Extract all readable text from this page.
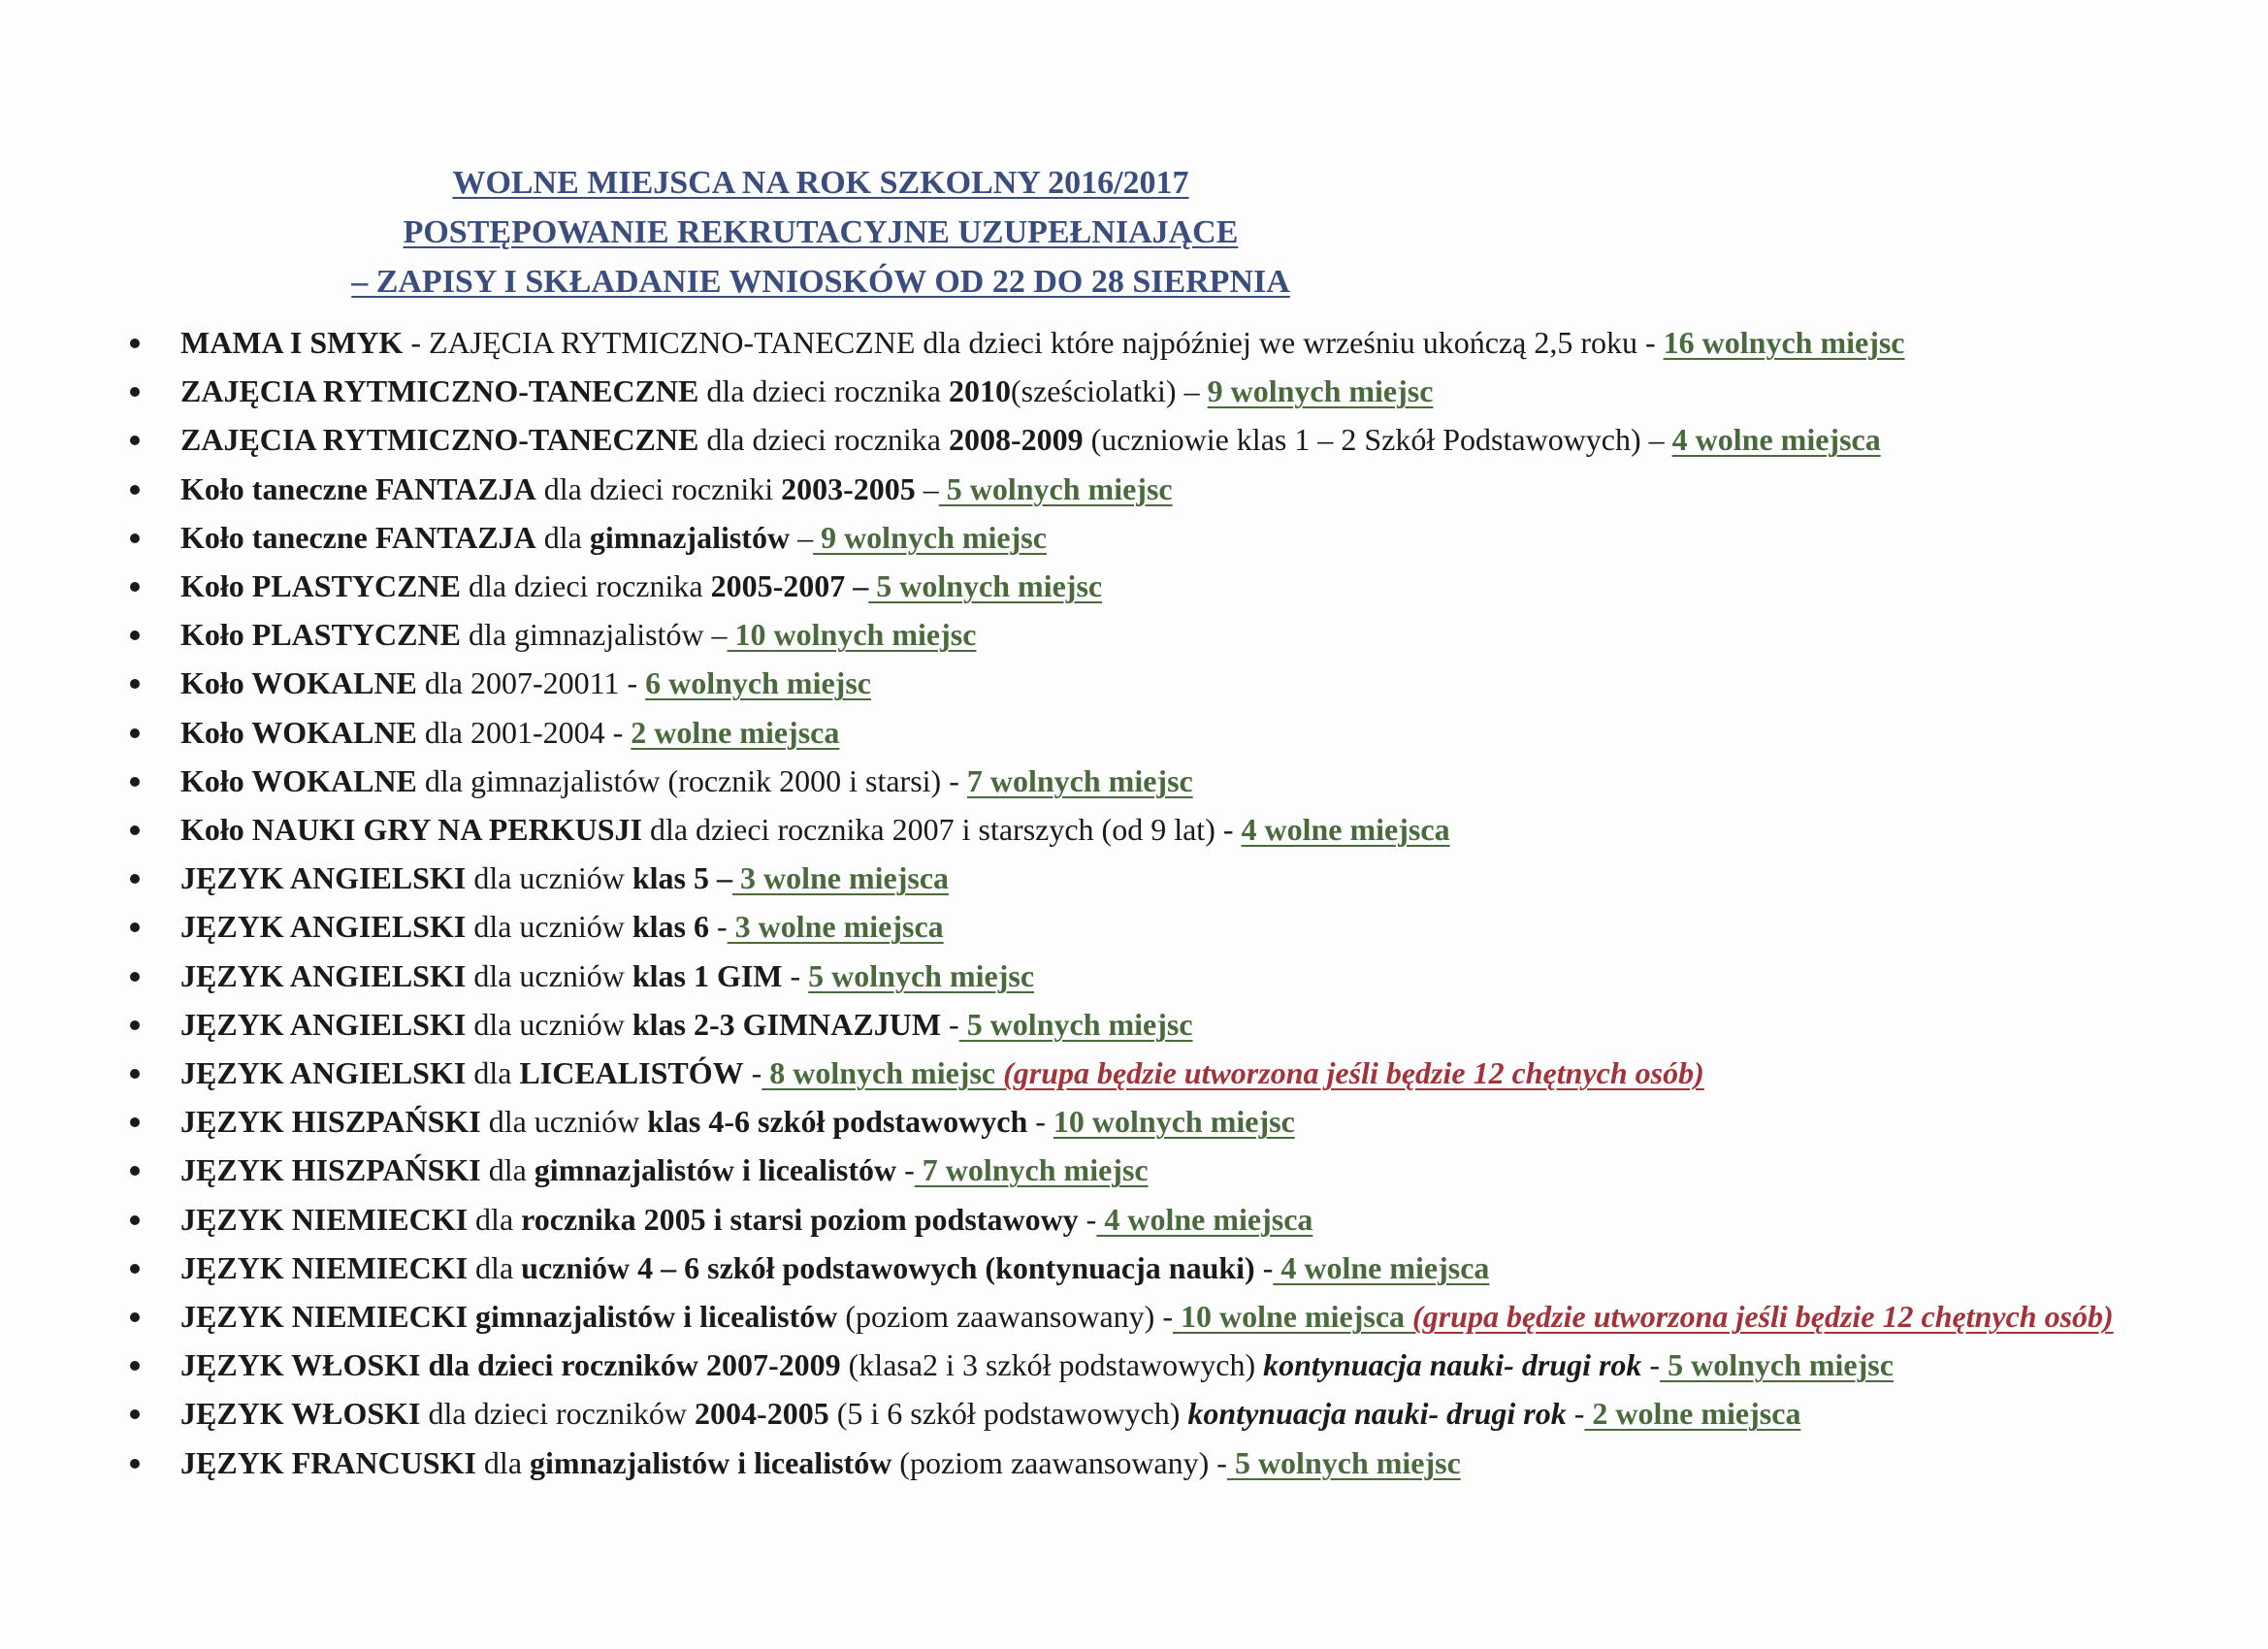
WOLNE MIEJSCA NA ROK SZKOLNY 2016/2017
POSTĘPOWANIE REKRUTACYJNE UZUPEŁNIAJĄCE
– ZAPISY I SKŁADANIE WNIOSKÓW OD 22 DO 28 SIERPNIA
MAMA I SMYK - ZAJĘCIA RYTMICZNO-TANECZNE dla dzieci które najpóźniej we wrześniu ukończą 2,5 roku - 16 wolnych miejsc
ZAJĘCIA RYTMICZNO-TANECZNE dla dzieci rocznika 2010(sześciolatki) – 9 wolnych miejsc
ZAJĘCIA RYTMICZNO-TANECZNE dla dzieci rocznika 2008-2009 (uczniowie klas 1 – 2 Szkół Podstawowych) – 4 wolne miejsca
Koło taneczne FANTAZJA dla dzieci roczniki 2003-2005 – 5 wolnych miejsc
Koło taneczne FANTAZJA dla gimnazjalistów – 9 wolnych miejsc
Koło PLASTYCZNE dla dzieci rocznika 2005-2007 – 5 wolnych miejsc
Koło PLASTYCZNE dla gimnazjalistów – 10 wolnych miejsc
Koło WOKALNE dla 2007-20011 - 6 wolnych miejsc
Koło WOKALNE dla 2001-2004 - 2 wolne miejsca
Koło WOKALNE dla gimnazjalistów (rocznik 2000 i starsi) - 7 wolnych miejsc
Koło NAUKI GRY NA PERKUSJI dla dzieci rocznika 2007 i starszych (od 9 lat) - 4 wolne miejsca
JĘZYK ANGIELSKI dla uczniów klas 5 – 3 wolne miejsca
JĘZYK ANGIELSKI dla uczniów klas 6 - 3 wolne miejsca
JĘZYK ANGIELSKI dla uczniów klas 1 GIM - 5 wolnych miejsc
JĘZYK ANGIELSKI dla uczniów klas 2-3 GIMNAZJUM - 5 wolnych miejsc
JĘZYK ANGIELSKI dla LICEALISTÓW - 8 wolnych miejsc (grupa będzie utworzona jeśli będzie 12 chętnych osób)
JĘZYK HISZPAŃSKI dla uczniów klas 4-6 szkół podstawowych - 10 wolnych miejsc
JĘZYK HISZPAŃSKI dla gimnazjalistów i licealistów - 7 wolnych miejsc
JĘZYK NIEMIECKI dla rocznika 2005 i starsi poziom podstawowy - 4 wolne miejsca
JĘZYK NIEMIECKI dla uczniów 4 – 6 szkół podstawowych (kontynuacja nauki) - 4 wolne miejsca
JĘZYK NIEMIECKI gimnazjalistów i licealistów (poziom zaawansowany) - 10 wolne miejsca (grupa będzie utworzona jeśli będzie 12 chętnych osób)
JĘZYK WŁOSKI dla dzieci roczników 2007-2009 (klasa2 i 3 szkół podstawowych) kontynuacja nauki- drugi rok - 5 wolnych miejsc
JĘZYK WŁOSKI dla dzieci roczników 2004-2005 (5 i 6 szkół podstawowych) kontynuacja nauki- drugi rok - 2 wolne miejsca
JĘZYK FRANCUSKI dla gimnazjalistów i licealistów (poziom zaawansowany) - 5 wolnych miejsc
